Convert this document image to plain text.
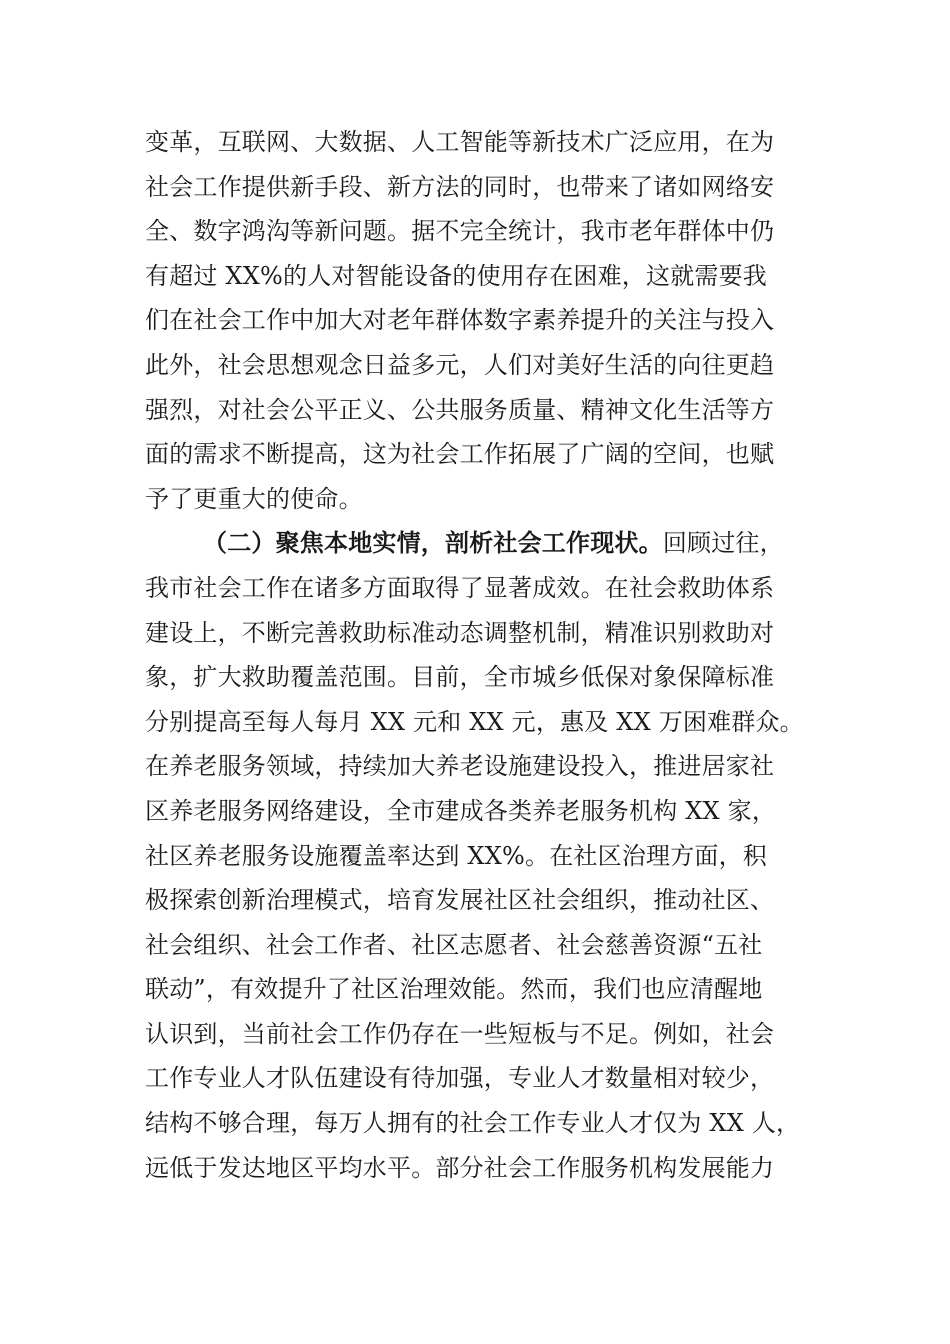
变革，互联网、大数据、人工智能等新技术广泛应用，在为
社会工作提供新手段、新方法的同时，也带来了诸如网络安
全、数字鸿沟等新问题。据不完全统计，我市老年群体中仍
有超过 XX%的人对智能设备的使用存在困难，这就需要我
们在社会工作中加大对老年群体数字素养提升的关注与投入
此外，社会思想观念日益多元，人们对美好生活的向往更趋
强烈，对社会公平正义、公共服务质量、精神文化生活等方
面的需求不断提高，这为社会工作拓展了广阔的空间，也赋
予了更重大的使命。
（二）聚焦本地实情，剖析社会工作现状。回顾过往，
我市社会工作在诸多方面取得了显著成效。在社会救助体系
建设上，不断完善救助标准动态调整机制，精准识别救助对
象，扩大救助覆盖范围。目前，全市城乡低保对象保障标准
分别提高至每人每月 XX 元和 XX 元，惠及 XX 万困难群众。
在养老服务领域，持续加大养老设施建设投入，推进居家社
区养老服务网络建设，全市建成各类养老服务机构 XX 家，
社区养老服务设施覆盖率达到 XX%。在社区治理方面，积
极探索创新治理模式，培育发展社区社会组织，推动社区、
社会组织、社会工作者、社区志愿者、社会慈善资源“五社
联动”，有效提升了社区治理效能。然而，我们也应清醒地
认识到，当前社会工作仍存在一些短板与不足。例如，社会
工作专业人才队伍建设有待加强，专业人才数量相对较少，
结构不够合理，每万人拥有的社会工作专业人才仅为 XX 人，
远低于发达地区平均水平。部分社会工作服务机构发展能力
